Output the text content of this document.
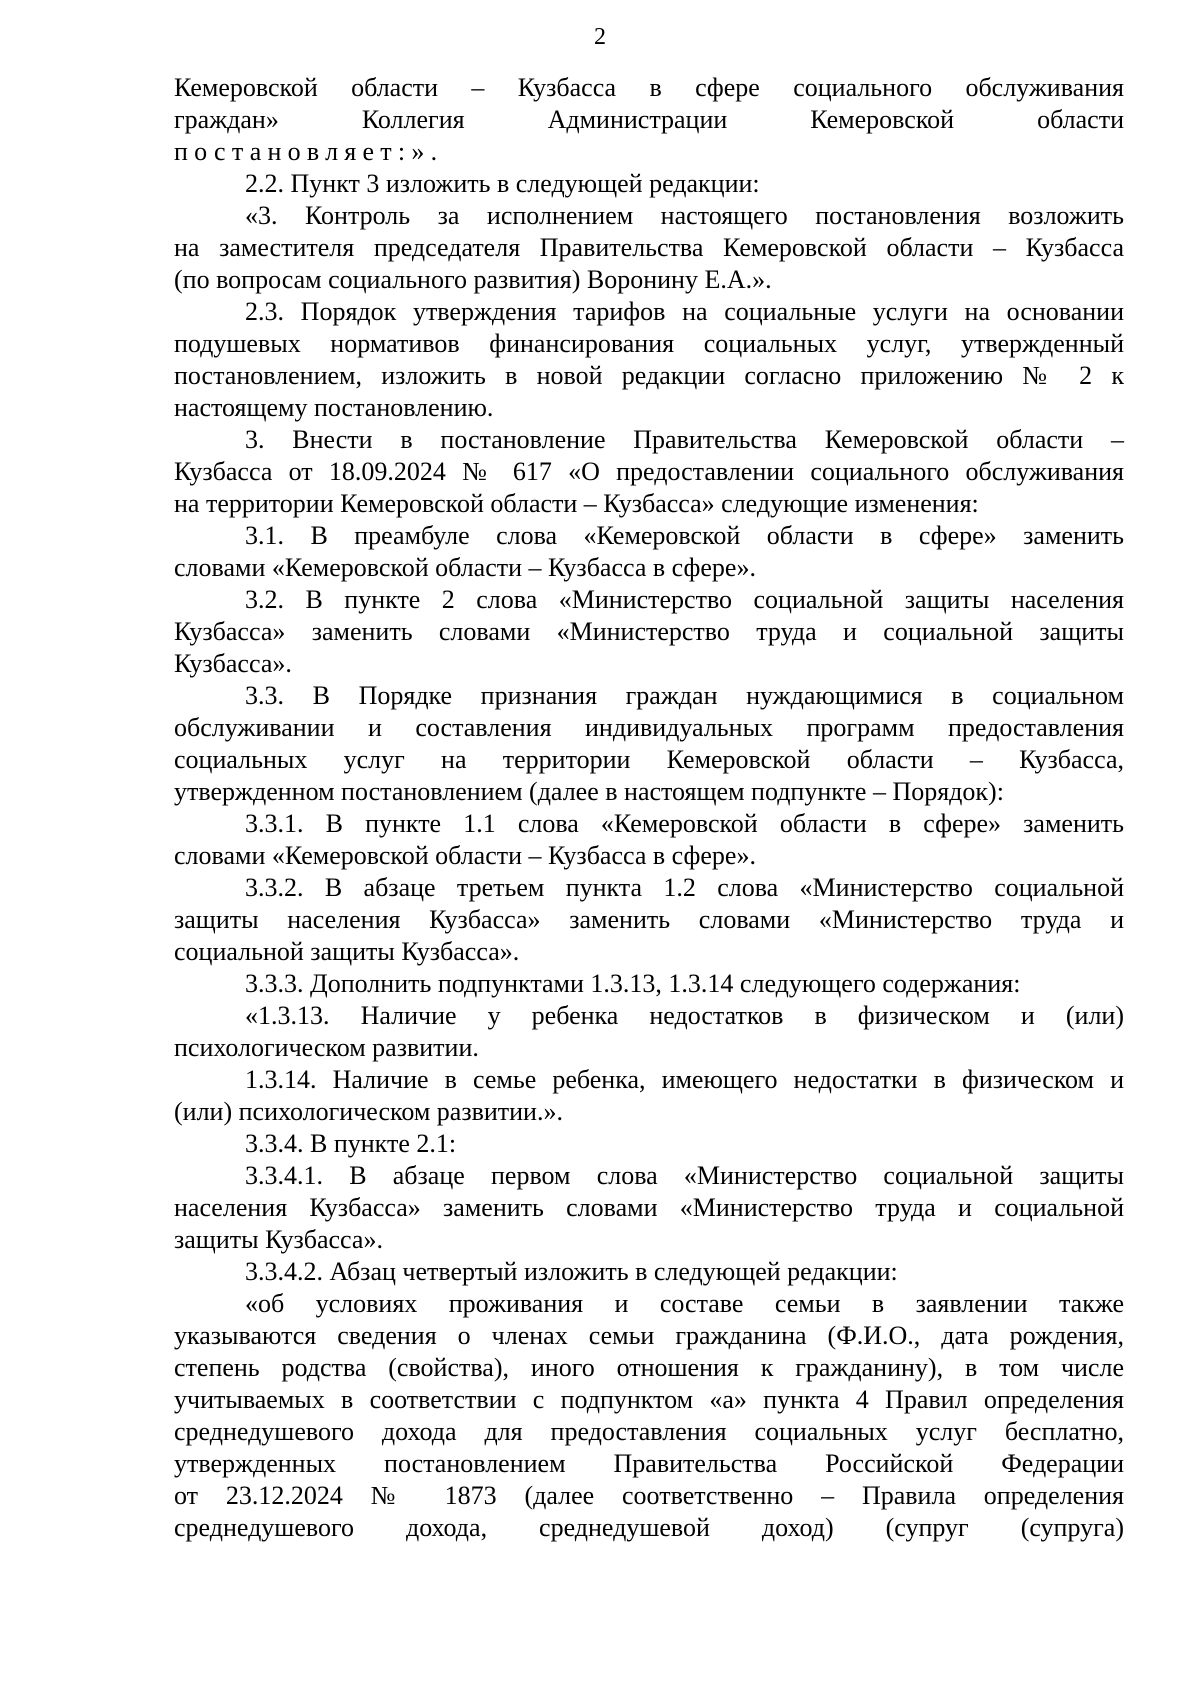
2
Кемеровской области – Кузбасса в сфере социального обслуживания
граждан» Коллегия Администрации Кемеровской области
постановляет:».
2.2. Пункт 3 изложить в следующей редакции:
«3. Контроль за исполнением настоящего постановления возложить
на заместителя председателя Правительства Кемеровской области – Кузбасса
(по вопросам социального развития) Воронину Е.А.».
2.3. Порядок утверждения тарифов на социальные услуги на основании
подушевых нормативов финансирования социальных услуг, утвержденный
постановлением, изложить в новой редакции согласно приложению № 2 к
настоящему постановлению.
3. Внести в постановление Правительства Кемеровской области –
Кузбасса от 18.09.2024 № 617 «О предоставлении социального обслуживания
на территории Кемеровской области – Кузбасса» следующие изменения:
3.1. В преамбуле слова «Кемеровской области в сфере» заменить
словами «Кемеровской области – Кузбасса в сфере».
3.2. В пункте 2 слова «Министерство социальной защиты населения
Кузбасса» заменить словами «Министерство труда и социальной защиты
Кузбасса».
3.3. В Порядке признания граждан нуждающимися в социальном
обслуживании и составления индивидуальных программ предоставления
социальных услуг на территории Кемеровской области – Кузбасса,
утвержденном постановлением (далее в настоящем подпункте – Порядок):
3.3.1. В пункте 1.1 слова «Кемеровской области в сфере» заменить
словами «Кемеровской области – Кузбасса в сфере».
3.3.2. В абзаце третьем пункта 1.2 слова «Министерство социальной
защиты населения Кузбасса» заменить словами «Министерство труда и
социальной защиты Кузбасса».
3.3.3. Дополнить подпунктами 1.3.13, 1.3.14 следующего содержания:
«1.3.13. Наличие у ребенка недостатков в физическом и (или)
психологическом развитии.
1.3.14. Наличие в семье ребенка, имеющего недостатки в физическом и
(или) психологическом развитии.».
3.3.4. В пункте 2.1:
3.3.4.1. В абзаце первом слова «Министерство социальной защиты
населения Кузбасса» заменить словами «Министерство труда и социальной
защиты Кузбасса».
3.3.4.2. Абзац четвертый изложить в следующей редакции:
«об условиях проживания и составе семьи в заявлении также
указываются сведения о членах семьи гражданина (Ф.И.О., дата рождения,
степень родства (свойства), иного отношения к гражданину), в том числе
учитываемых в соответствии с подпунктом «а» пункта 4 Правил определения
среднедушевого дохода для предоставления социальных услуг бесплатно,
утвержденных постановлением Правительства Российской Федерации
от 23.12.2024 № 1873 (далее соответственно – Правила определения
среднедушевого дохода, среднедушевой доход) (супруг (супруга)
